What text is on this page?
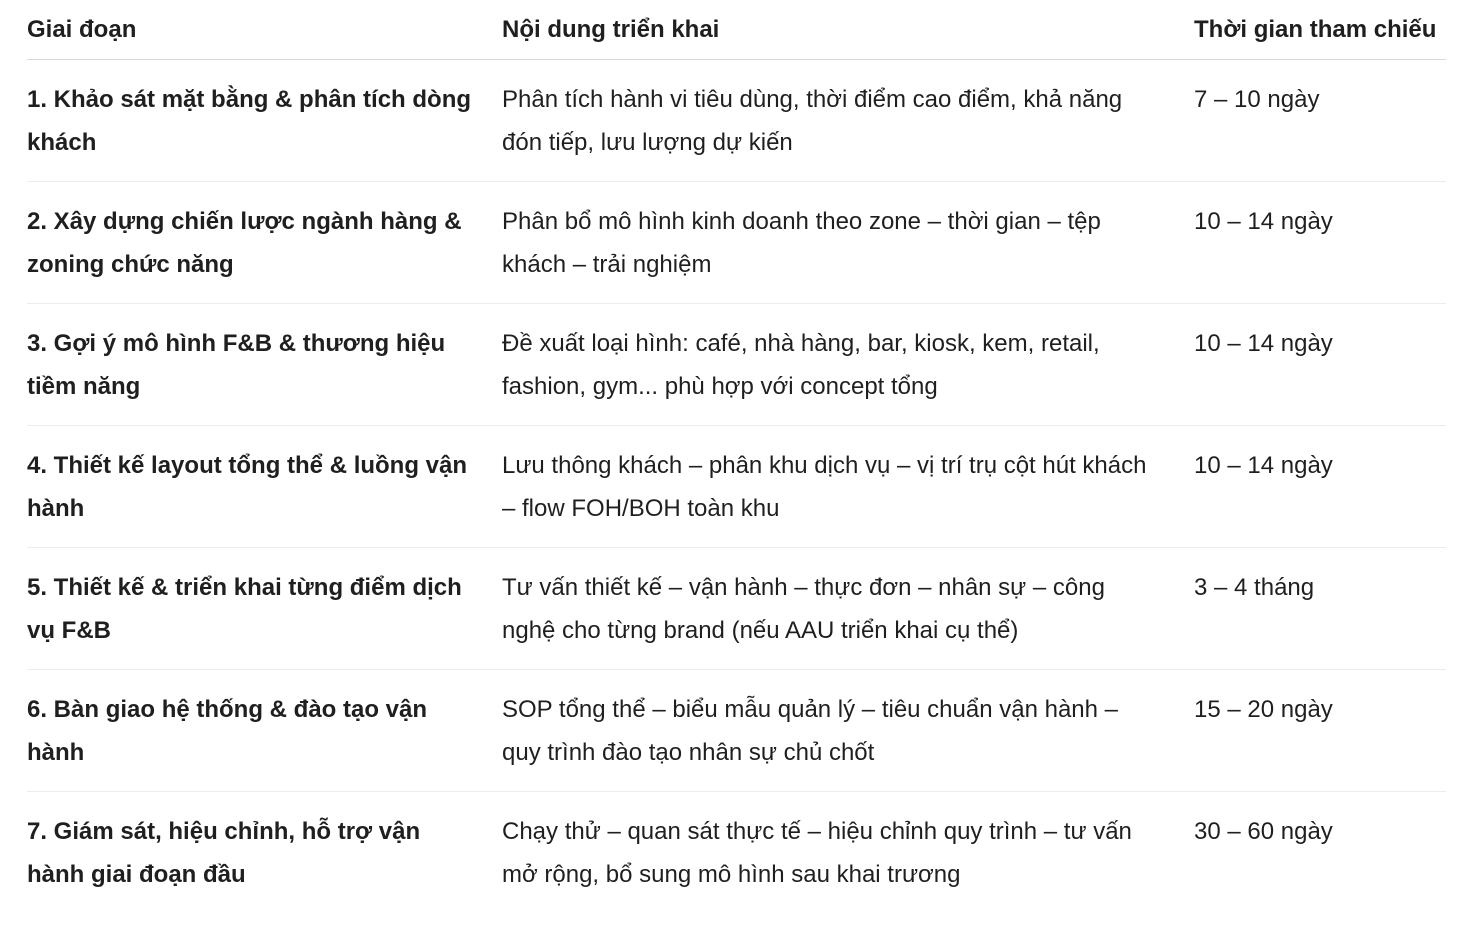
Giai đoạn	Nội dung triển khai	Thời gian tham chiếu
1. Khảo sát mặt bằng & phân tích dòng khách	Phân tích hành vi tiêu dùng, thời điểm cao điểm, khả năng đón tiếp, lưu lượng dự kiến	7 – 10 ngày
2. Xây dựng chiến lược ngành hàng & zoning chức năng	Phân bổ mô hình kinh doanh theo zone – thời gian – tệp khách – trải nghiệm	10 – 14 ngày
3. Gợi ý mô hình F&B & thương hiệu tiềm năng	Đề xuất loại hình: café, nhà hàng, bar, kiosk, kem, retail, fashion, gym... phù hợp với concept tổng	10 – 14 ngày
4. Thiết kế layout tổng thể & luồng vận hành	Lưu thông khách – phân khu dịch vụ – vị trí trụ cột hút khách – flow FOH/BOH toàn khu	10 – 14 ngày
5. Thiết kế & triển khai từng điểm dịch vụ F&B	Tư vấn thiết kế – vận hành – thực đơn – nhân sự – công nghệ cho từng brand (nếu AAU triển khai cụ thể)	3 – 4 tháng
6. Bàn giao hệ thống & đào tạo vận hành	SOP tổng thể – biểu mẫu quản lý – tiêu chuẩn vận hành – quy trình đào tạo nhân sự chủ chốt	15 – 20 ngày
7. Giám sát, hiệu chỉnh, hỗ trợ vận hành giai đoạn đầu	Chạy thử – quan sát thực tế – hiệu chỉnh quy trình – tư vấn mở rộng, bổ sung mô hình sau khai trương	30 – 60 ngày
